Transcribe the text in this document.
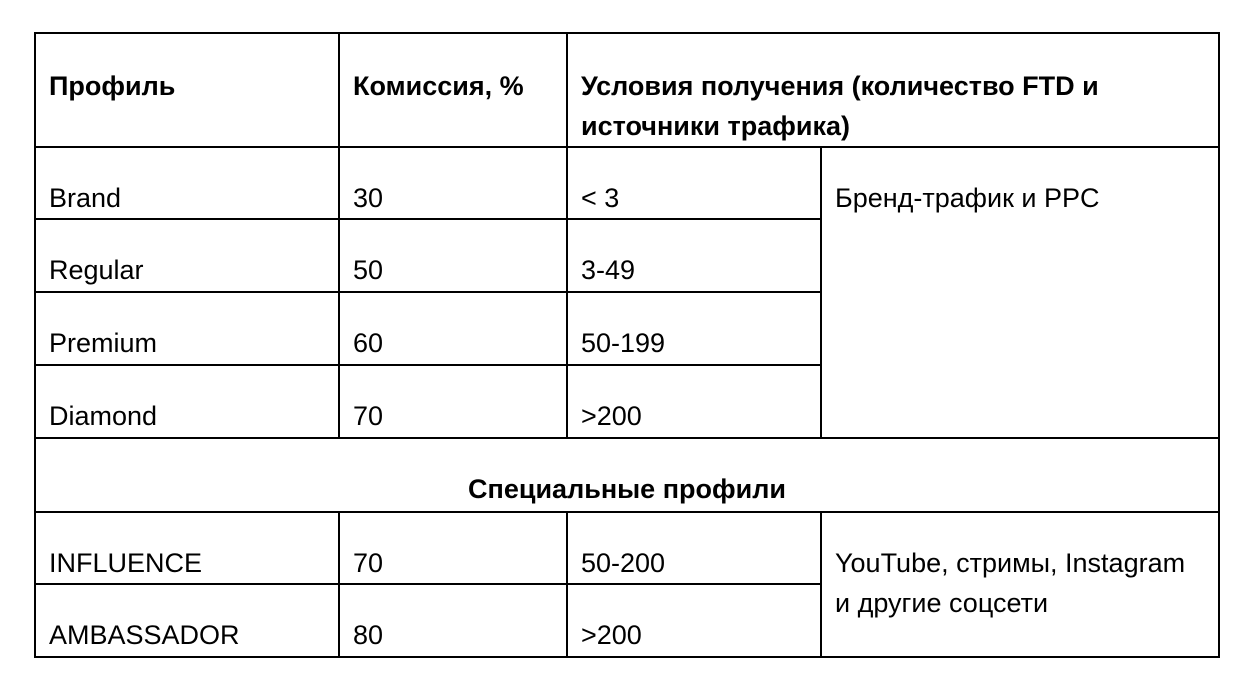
Профиль	Комиссия, %	Условия получения (количество FTD и источники трафика)	
Brand	30	< 3	Бренд-трафик и PPC
Regular	50	3-49	
Premium	60	50-199	
Diamond	70	>200	
Специальные профили			
INFLUENCE	70	50-200	YouTube, стримы, Instagram и другие соцсети
AMBASSADOR	80	>200	
